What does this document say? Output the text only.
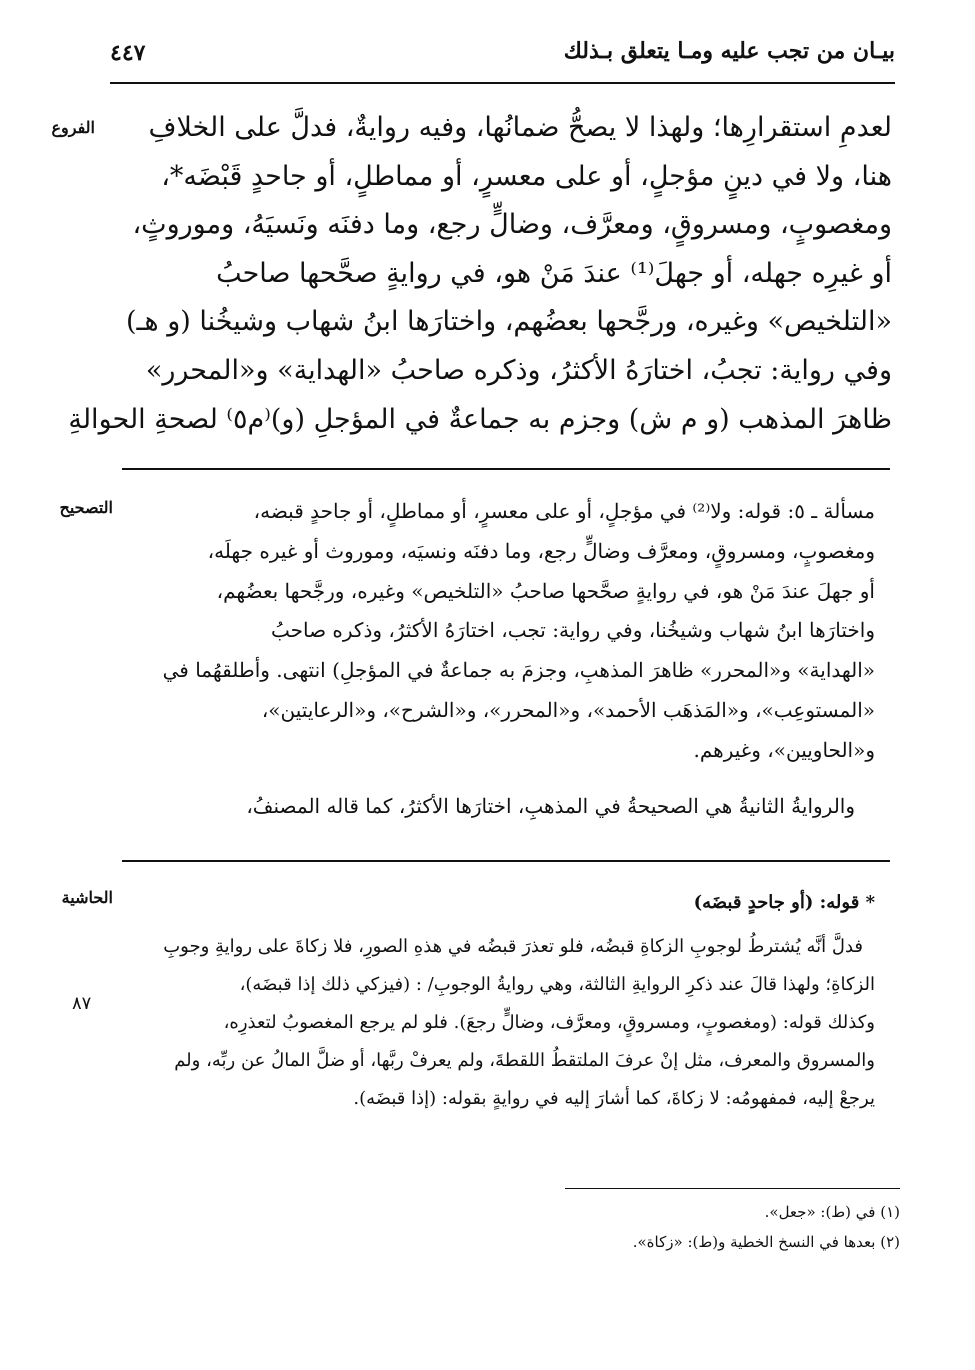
بيـان من تجب عليه ومـا يتعلق بـذلك
٤٤٧
الفروع	لعدمِ استقرارِها؛ ولهذا لا يصحُّ ضمانُها، وفيه روايةٌ، فدلَّ على الخلافِ
هنا، ولا في دينٍ مؤجلٍ، أو على معسرٍ، أو مماطلٍ، أو جاحدٍ قَبْضَه*،
ومغصوبٍ، ومسروقٍ، ومعرَّف، وضالٍّ رجع، وما دفنَه ونَسيَهُ، وموروثٍ،
أو غيرِه جهله، أو جهلَ⁽¹⁾ عندَ مَنْ هو، في روايةٍ صحَّحها صاحبُ
«التلخيص» وغيره، ورجَّحها بعضُهم، واختارَها ابنُ شهاب وشيخُنا (و هـ)
وفي رواية: تجبُ، اختارَهُ الأكثرُ، وذكره صاحبُ «الهداية» و«المحرر»
ظاهرَ المذهب (و م ش) وجزم به جماعةٌ في المؤجلِ (و)⁽م٥⁾ لصحةِ الحوالةِ
التصحيح	مسألة ـ ٥: قوله: ولا⁽²⁾ في مؤجلٍ، أو على معسرٍ، أو مماطلٍ، أو جاحدٍ قبضه،
ومغصوبٍ، ومسروقٍ، ومعرَّف وضالٍّ رجع، وما دفنَه ونسيَه، وموروث أو غيره جهلَه،
أو جهلَ عندَ مَنْ هو، في روايةٍ صحَّحها صاحبُ «التلخيص» وغيره، ورجَّحها بعضُهم،
واختارَها ابنُ شهاب وشيخُنا، وفي رواية: تجب، اختارَهُ الأكثرُ، وذكره صاحبُ
«الهداية» و«المحرر» ظاهرَ المذهبِ، وجزمَ به جماعةٌ في المؤجلِ) انتهى. وأطلقهُما في
«المستوعِب»، و«المَذهَب الأحمد»، و«المحرر»، و«الشرح»، و«الرعايتين»،
و«الحاويين»، وغيرهم.
والروايةُ الثانيةُ هي الصحيحةُ في المذهبِ، اختارَها الأكثرُ، كما قاله المصنفُ،
الحاشية
٨٧
* قوله: (أو جاحدٍ قبضَه)
فدلَّ أنَّه يُشترطُ لوجوبِ الزكاةِ قبضُه، فلو تعذرَ قبضُه في هذهِ الصورِ، فلا زكاةَ على روايةِ وجوبِ
الزكاةِ؛ ولهذا قالَ عند ذكرِ الروايةِ الثالثة، وهي روايةُ الوجوبِ/ : (فيزكي ذلك إذا قبضَه)،
وكذلك قوله: (ومغصوبٍ، ومسروقٍ، ومعرَّف، وضالٍّ رجعَ). فلو لم يرجع المغصوبُ لتعذرِه،
والمسروق والمعرف، مثل إنْ عرفَ الملتقطُ اللقطةَ، ولم يعرفْ ربَّها، أو ضلَّ المالُ عن ربِّه، ولم
يرجعْ إليه، فمفهومُه: لا زكاةَ، كما أشارَ إليه في روايةٍ بقوله: (إذا قبضَه).
(١) في (ط): «جعل».
(٢) بعدها في النسخ الخطية و(ط): «زكاة».
